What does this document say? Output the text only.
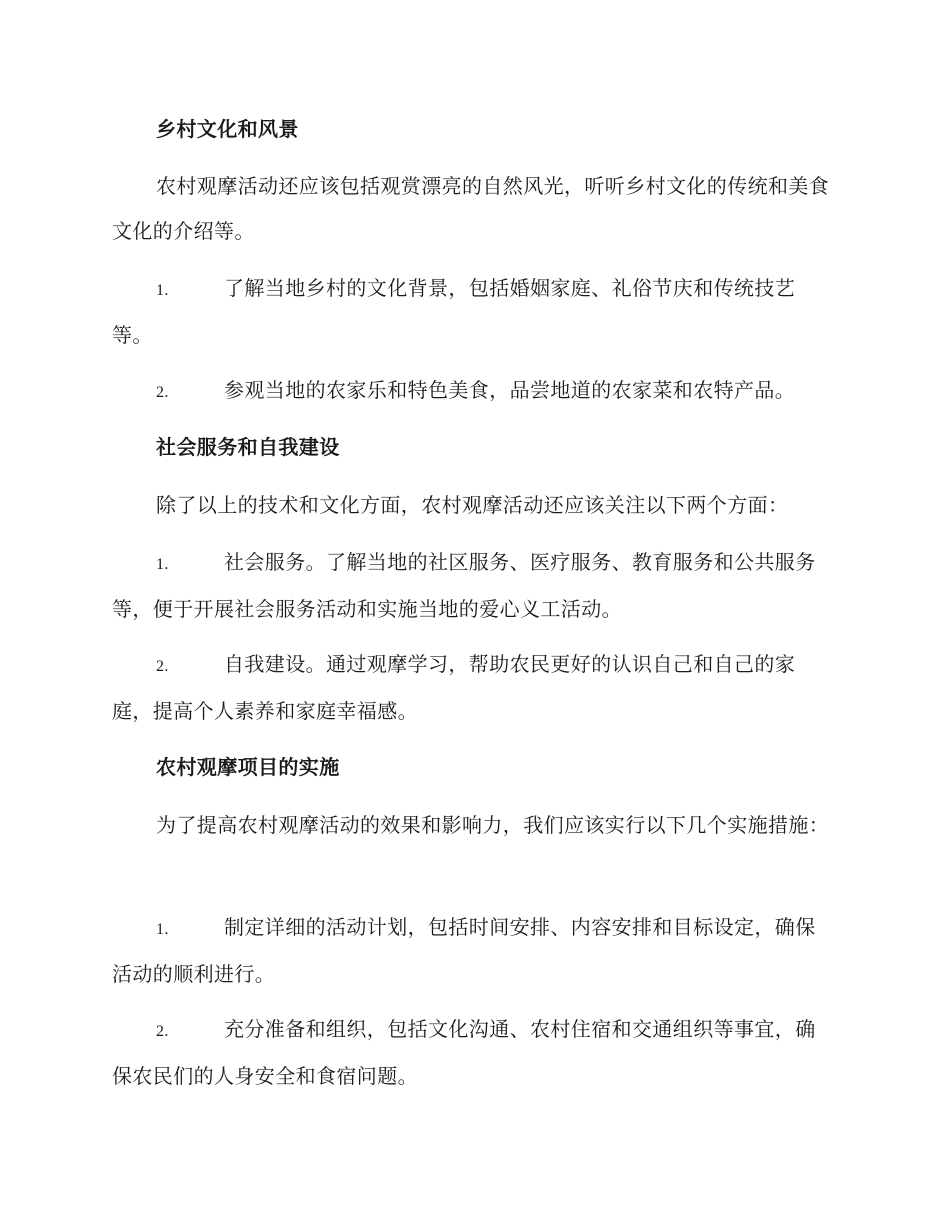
乡村文化和风景
农村观摩活动还应该包括观赏漂亮的自然风光，听听乡村文化的传统和美食文化的介绍等。
1.	了解当地乡村的文化背景，包括婚姻家庭、礼俗节庆和传统技艺等。
2.	参观当地的农家乐和特色美食，品尝地道的农家菜和农特产品。
社会服务和自我建设
除了以上的技术和文化方面，农村观摩活动还应该关注以下两个方面：
1.	社会服务。了解当地的社区服务、医疗服务、教育服务和公共服务等，便于开展社会服务活动和实施当地的爱心义工活动。
2.	自我建设。通过观摩学习，帮助农民更好的认识自己和自己的家庭，提高个人素养和家庭幸福感。
农村观摩项目的实施
为了提高农村观摩活动的效果和影响力，我们应该实行以下几个实施措施：
1.	制定详细的活动计划，包括时间安排、内容安排和目标设定，确保活动的顺利进行。
2.	充分准备和组织，包括文化沟通、农村住宿和交通组织等事宜，确保农民们的人身安全和食宿问题。
